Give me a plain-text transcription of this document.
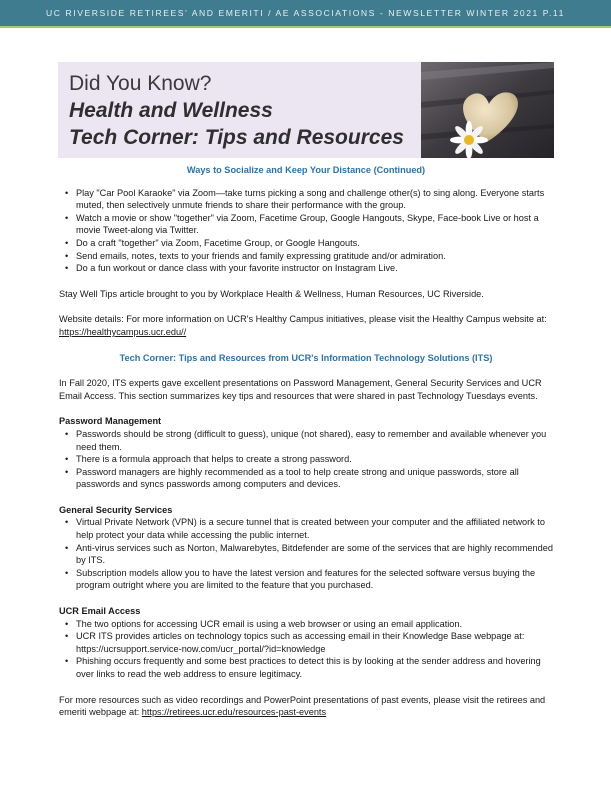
UC RIVERSIDE RETIREES' AND EMERITI / AE ASSOCIATIONS - NEWSLETTER WINTER 2021 P.11
Did You Know?
Health and Wellness
Tech Corner: Tips and Resources
Ways to Socialize and Keep Your Distance (Continued)
• Play "Car Pool Karaoke" via Zoom—take turns picking a song and challenge other(s) to sing along. Everyone starts muted, then selectively unmute friends to share their performance with the group.
• Watch a movie or show "together" via Zoom, Facetime Group, Google Hangouts, Skype, Face-book Live or host a movie Tweet-along via Twitter.
• Do a craft "together" via Zoom, Facetime Group, or Google Hangouts.
• Send emails, notes, texts to your friends and family expressing gratitude and/or admiration.
• Do a fun workout or dance class with your favorite instructor on Instagram Live.
Stay Well Tips article brought to you by Workplace Health & Wellness, Human Resources, UC Riverside.
Website details: For more information on UCR's Healthy Campus initiatives, please visit the Healthy Campus website at: https://healthycampus.ucr.edu//
Tech Corner: Tips and Resources from UCR's Information Technology Solutions (ITS)
In Fall 2020, ITS experts gave excellent presentations on Password Management, General Security Services and UCR Email Access. This section summarizes key tips and resources that were shared in past Technology Tuesdays events.
Password Management
• Passwords should be strong (difficult to guess), unique (not shared), easy to remember and available whenever you need them.
• There is a formula approach that helps to create a strong password.
• Password managers are highly recommended as a tool to help create strong and unique passwords, store all passwords and syncs passwords among computers and devices.
General Security Services
• Virtual Private Network (VPN) is a secure tunnel that is created between your computer and the affiliated network to help protect your data while accessing the public internet.
• Anti-virus services such as Norton, Malwarebytes, Bitdefender are some of the services that are highly recommended by ITS.
• Subscription models allow you to have the latest version and features for the selected software versus buying the program outright where you are limited to the feature that you purchased.
UCR Email Access
• The two options for accessing UCR email is using a web browser or using an email application.
• UCR ITS provides articles on technology topics such as accessing email in their Knowledge Base webpage at: https://ucrsupport.service-now.com/ucr_portal/?id=knowledge
• Phishing occurs frequently and some best practices to detect this is by looking at the sender address and hovering over links to read the web address to ensure legitimacy.
For more resources such as video recordings and PowerPoint presentations of past events, please visit the retirees and emeriti webpage at: https://retirees.ucr.edu/resources-past-events
